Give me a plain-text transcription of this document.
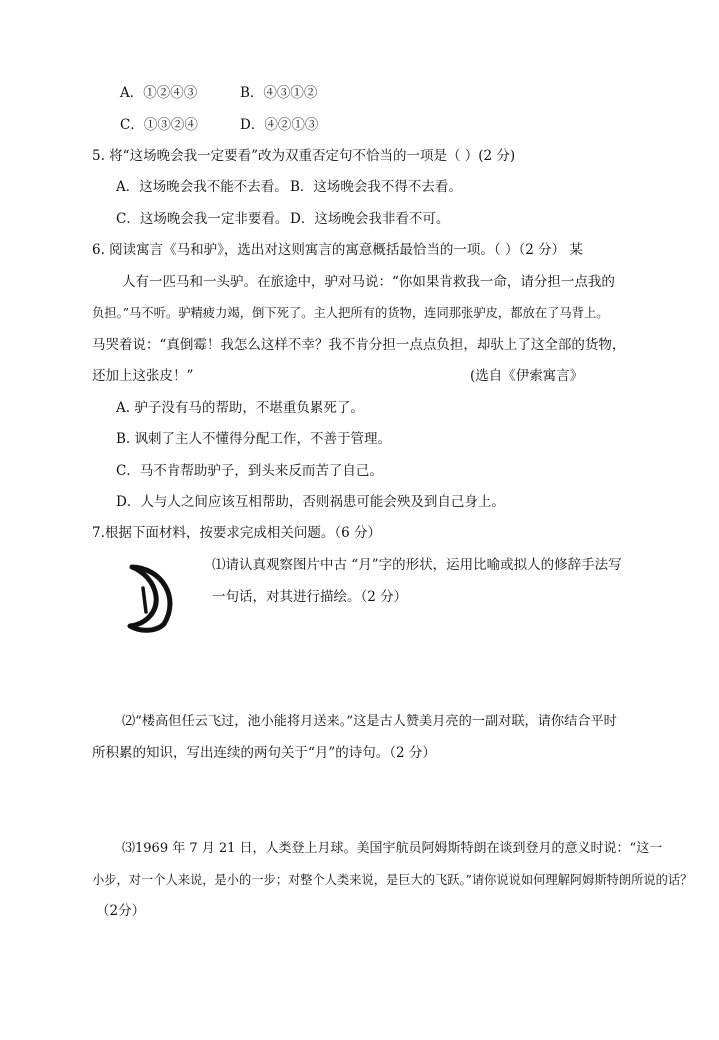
A．①②④③	B．④③①②
C．①③②④	D．④②①③
5. 将“这场晚会我一定要看”改为双重否定句不恰当的一项是（ ）(2 分)
A．这场晚会我不能不去看。 B．这场晚会我不得不去看。
C．这场晚会我一定非要看。 D．这场晚会我非看不可。
6. 阅读寓言《马和驴》，选出对这则寓言的寓意概括最恰当的一项。（ ）（2 分） 某
人有一匹马和一头驴。在旅途中，驴对马说：“你如果肯救我一命，请分担一点我的
负担。”马不听。驴精疲力竭，倒下死了。主人把所有的货物，连同那张驴皮，都放在了马背上。
马哭着说：“真倒霉！我怎么这样不幸？我不肯分担一点点负担，却驮上了这全部的货物，
还加上这张皮！”	(选自《伊索寓言》
A. 驴子没有马的帮助，不堪重负累死了。
B. 讽刺了主人不懂得分配工作，不善于管理。
C．马不肯帮助驴子，到头来反而苦了自己。
D．人与人之间应该互相帮助，否则祸患可能会殃及到自己身上。
7.根据下面材料，按要求完成相关问题。（6 分）
⑴请认真观察图片中古 “月”字的形状，运用比喻或拟人的修辞手法写
一句话，对其进行描绘。（2 分）
⑵“楼高但任云飞过，池小能将月送来。”这是古人赞美月亮的一副对联，请你结合平时
所积累的知识，写出连续的两句关于“月”的诗句。（2 分）
⑶1969 年 7 月 21 日，人类登上月球。美国宇航员阿姆斯特朗在谈到登月的意义时说：“这一
小步，对一个人来说，是小的一步；对整个人类来说，是巨大的飞跃。”请你说说如何理解阿姆斯特朗所说的话？
（2分）
